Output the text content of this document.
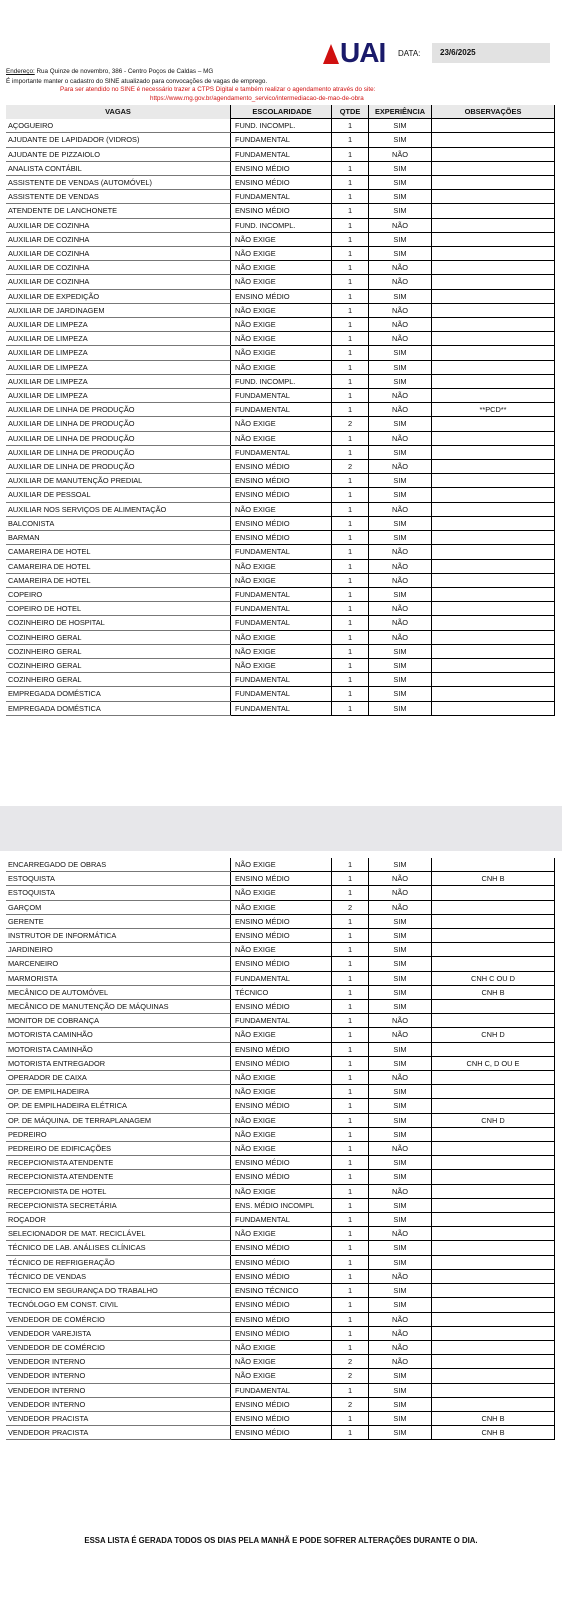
UAI DATA: 23/6/2025
Endereço: Rua Quinze de novembro, 386 - Centro Poços de Caldas – MG
É importante manter o cadastro do SINE atualizado para convocações de vagas de emprego.
Para ser atendido no SINE é necessário trazer a CTPS Digital e também realizar o agendamento através do site:
https://www.mg.gov.br/agendamento_servico/intermediacao-de-mao-de-obra
VAGAS	ESCOLARIDADE	QTDE	EXPERIÊNCIA	OBSERVAÇÕES
AÇOGUEIRO	FUND. INCOMPL.	1	SIM	
AJUDANTE DE LAPIDADOR (VIDROS)	FUNDAMENTAL	1	SIM	
AJUDANTE DE PIZZAIOLO	FUNDAMENTAL	1	NÃO	
ANALISTA CONTÁBIL	ENSINO MÉDIO	1	SIM	
ASSISTENTE DE VENDAS (AUTOMÓVEL)	ENSINO MÉDIO	1	SIM	
ASSISTENTE DE VENDAS	FUNDAMENTAL	1	SIM	
ATENDENTE DE LANCHONETE	ENSINO MÉDIO	1	SIM	
AUXILIAR DE COZINHA	FUND. INCOMPL.	1	NÃO	
AUXILIAR DE COZINHA	NÃO EXIGE	1	SIM	
AUXILIAR DE COZINHA	NÃO EXIGE	1	SIM	
AUXILIAR DE COZINHA	NÃO EXIGE	1	NÃO	
AUXILIAR DE COZINHA	NÃO EXIGE	1	NÃO	
AUXILIAR DE EXPEDIÇÃO	ENSINO MÉDIO	1	SIM	
AUXILIAR DE JARDINAGEM	NÃO EXIGE	1	NÃO	
AUXILIAR DE LIMPEZA	NÃO EXIGE	1	NÃO	
AUXILIAR DE LIMPEZA	NÃO EXIGE	1	NÃO	
AUXILIAR DE LIMPEZA	NÃO EXIGE	1	SIM	
AUXILIAR DE LIMPEZA	NÃO EXIGE	1	SIM	
AUXILIAR DE LIMPEZA	FUND. INCOMPL.	1	SIM	
AUXILIAR DE LIMPEZA	FUNDAMENTAL	1	NÃO	
AUXILIAR DE LINHA DE PRODUÇÃO	FUNDAMENTAL	1	NÃO	**PCD**
AUXILIAR DE LINHA DE PRODUÇÃO	NÃO EXIGE	2	SIM	
AUXILIAR DE LINHA DE PRODUÇÃO	NÃO EXIGE	1	NÃO	
AUXILIAR DE LINHA DE PRODUÇÃO	FUNDAMENTAL	1	SIM	
AUXILIAR DE LINHA DE PRODUÇÃO	ENSINO MÉDIO	2	NÃO	
AUXILIAR DE MANUTENÇÃO PREDIAL	ENSINO MÉDIO	1	SIM	
AUXILIAR DE PESSOAL	ENSINO MÉDIO	1	SIM	
AUXILIAR NOS SERVIÇOS DE ALIMENTAÇÃO	NÃO EXIGE	1	NÃO	
BALCONISTA	ENSINO MÉDIO	1	SIM	
BARMAN	ENSINO MÉDIO	1	SIM	
CAMAREIRA DE HOTEL	FUNDAMENTAL	1	NÃO	
CAMAREIRA DE HOTEL	NÃO EXIGE	1	NÃO	
CAMAREIRA DE HOTEL	NÃO EXIGE	1	NÃO	
COPEIRO	FUNDAMENTAL	1	SIM	
COPEIRO DE HOTEL	FUNDAMENTAL	1	NÃO	
COZINHEIRO DE HOSPITAL	FUNDAMENTAL	1	NÃO	
COZINHEIRO GERAL	NÃO EXIGE	1	NÃO	
COZINHEIRO GERAL	NÃO EXIGE	1	SIM	
COZINHEIRO GERAL	NÃO EXIGE	1	SIM	
COZINHEIRO GERAL	FUNDAMENTAL	1	SIM	
EMPREGADA DOMÉSTICA	FUNDAMENTAL	1	SIM	
EMPREGADA DOMÉSTICA	FUNDAMENTAL	1	SIM	
ENCARREGADO DE OBRAS	NÃO EXIGE	1	SIM	
ESTOQUISTA	ENSINO MÉDIO	1	NÃO	CNH B
ESTOQUISTA	NÃO EXIGE	1	NÃO	
GARÇOM	NÃO EXIGE	2	NÃO	
GERENTE	ENSINO MÉDIO	1	SIM	
INSTRUTOR DE INFORMÁTICA	ENSINO MÉDIO	1	SIM	
JARDINEIRO	NÃO EXIGE	1	SIM	
MARCENEIRO	ENSINO MÉDIO	1	SIM	
MARMORISTA	FUNDAMENTAL	1	SIM	CNH C OU D
MECÂNICO DE AUTOMÓVEL	TÉCNICO	1	SIM	CNH B
MECÂNICO DE MANUTENÇÃO DE MÁQUINAS	ENSINO MÉDIO	1	SIM	
MONITOR DE COBRANÇA	FUNDAMENTAL	1	NÃO	
MOTORISTA CAMINHÃO	NÃO EXIGE	1	NÃO	CNH D
MOTORISTA CAMINHÃO	ENSINO MÉDIO	1	SIM	
MOTORISTA ENTREGADOR	ENSINO MÉDIO	1	SIM	CNH C, D OU E
OPERADOR DE CAIXA	NÃO EXIGE	1	NÃO	
OP. DE EMPILHADEIRA	NÃO EXIGE	1	SIM	
OP. DE EMPILHADEIRA ELÉTRICA	ENSINO MÉDIO	1	SIM	
OP. DE MÁQUINA. DE TERRAPLANAGEM	NÃO EXIGE	1	SIM	CNH D
PEDREIRO	NÃO EXIGE	1	SIM	
PEDREIRO DE EDIFICAÇÕES	NÃO EXIGE	1	NÃO	
RECEPCIONISTA ATENDENTE	ENSINO MÉDIO	1	SIM	
RECEPCIONISTA ATENDENTE	ENSINO MÉDIO	1	SIM	
RECEPCIONISTA DE HOTEL	NÃO EXIGE	1	NÃO	
RECEPCIONISTA SECRETÁRIA	ENS. MÉDIO INCOMPL	1	SIM	
ROÇADOR	FUNDAMENTAL	1	SIM	
SELECIONADOR DE MAT. RECICLÁVEL	NÃO EXIGE	1	NÃO	
TÉCNICO DE LAB. ANÁLISES CLÍNICAS	ENSINO MÉDIO	1	SIM	
TÉCNICO DE REFRIGERAÇÃO	ENSINO MÉDIO	1	SIM	
TÉCNICO DE VENDAS	ENSINO MÉDIO	1	NÃO	
TECNICO EM SEGURANÇA DO TRABALHO	ENSINO TÉCNICO	1	SIM	
TECNÓLOGO EM CONST. CIVIL	ENSINO MÉDIO	1	SIM	
VENDEDOR DE COMÉRCIO	ENSINO MÉDIO	1	NÃO	
VENDEDOR VAREJISTA	ENSINO MÉDIO	1	NÃO	
VENDEDOR DE COMÉRCIO	NÃO EXIGE	1	NÃO	
VENDEDOR INTERNO	NÃO EXIGE	2	NÃO	
VENDEDOR INTERNO	NÃO EXIGE	2	SIM	
VENDEDOR INTERNO	FUNDAMENTAL	1	SIM	
VENDEDOR INTERNO	ENSINO MÉDIO	2	SIM	
VENDEDOR PRACISTA	ENSINO MÉDIO	1	SIM	CNH B
VENDEDOR PRACISTA	ENSINO MÉDIO	1	SIM	CNH B
ESSA LISTA É GERADA TODOS OS DIAS PELA MANHÃ E PODE SOFRER ALTERAÇÕES DURANTE O DIA.
